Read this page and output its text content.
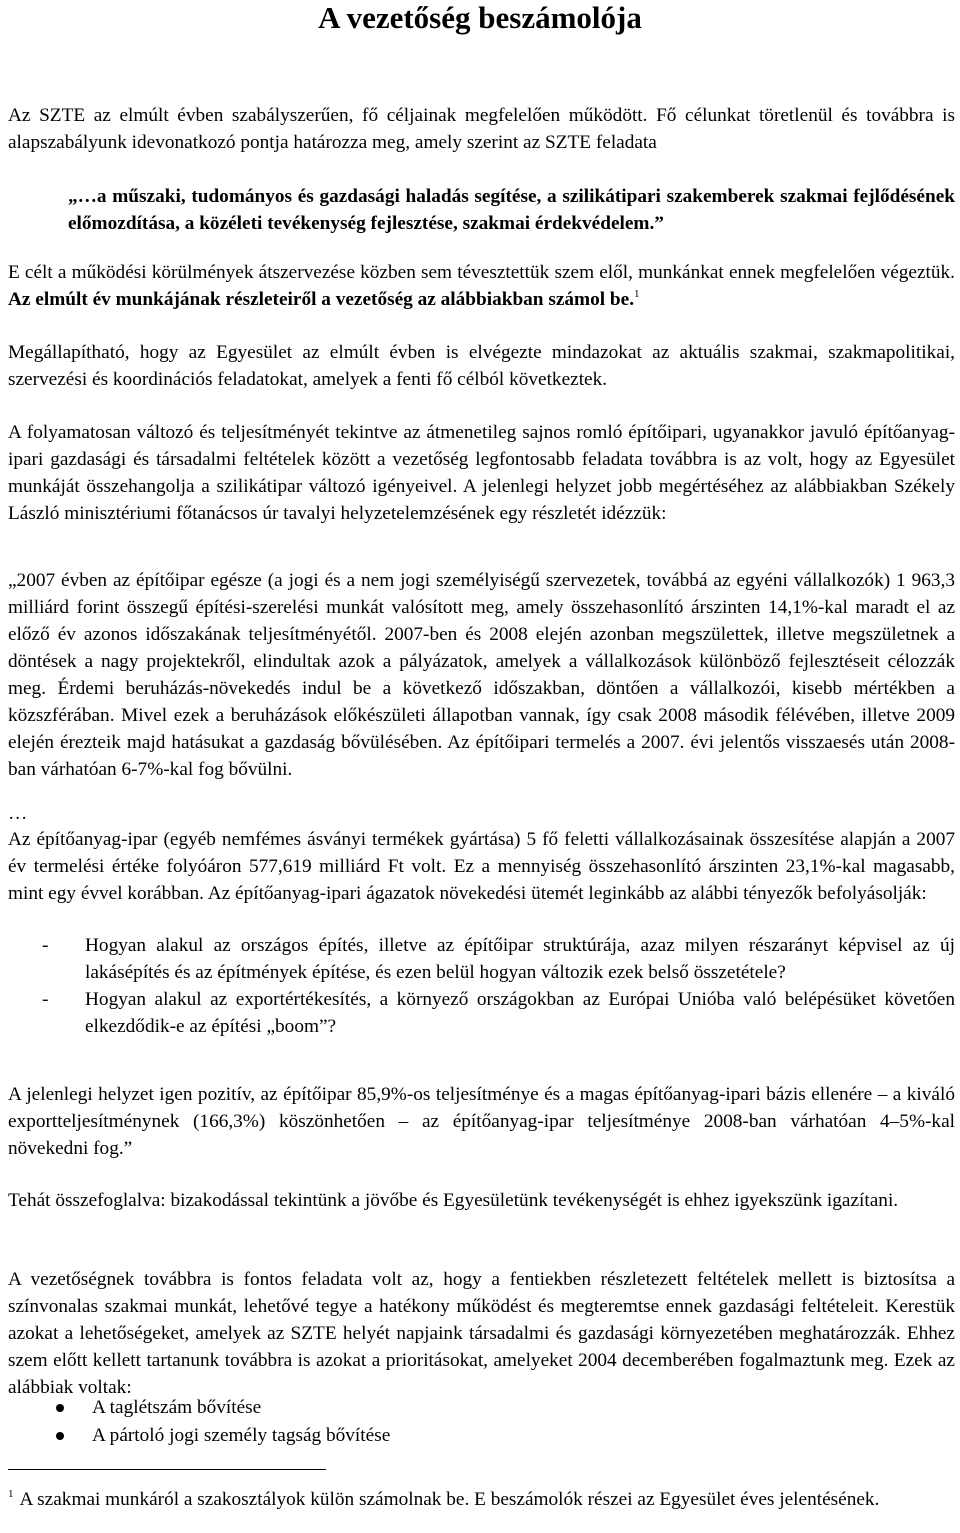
A vezetőség beszámolója

Az SZTE az elmúlt évben szabályszerűen, fő céljainak megfelelően működött. Fő célunkat töretlenül és továbbra is alapszabályunk idevonatkozó pontja határozza meg, amely szerint az SZTE feladata

„…a műszaki, tudományos és gazdasági haladás segítése, a szilikátipari szakemberek szakmai fejlődésének előmozdítása, a közéleti tevékenység fejlesztése, szakmai érdekvédelem.”

E célt a működési körülmények átszervezése közben sem tévesztettük szem elől, munkánkat ennek megfelelően végeztük. Az elmúlt év munkájának részleteiről a vezetőség az alábbiakban számol be.$^1$

Megállapítható, hogy az Egyesület az elmúlt évben is elvégezte mindazokat az aktuális szakmai, szakmapolitikai, szervezési és koordinációs feladatokat, amelyek a fenti fő célból következtek.

A folyamatosan változó és teljesítményét tekintve az átmenetileg sajnos romló építőipari, ugyanakkor javuló építőanyag-ipari gazdasági és társadalmi feltételek között a vezetőség legfontosabb feladata továbbra is az volt, hogy az Egyesület munkáját összehangolja a szilikátipar változó igényeivel. A jelenlegi helyzet jobb megértéséhez az alábbiakban Székely László minisztériumi főtanácsos úr tavalyi helyzetelemzésének egy részletét idézzük:

„2007 évben az építőipar egésze (a jogi és a nem jogi személyiségű szervezetek, továbbá az egyéni vállalkozók) 1 963,3 milliárd forint összegű építési-szerelési munkát valósított meg, amely összehasonlító árszinten 14,1%-kal maradt el az előző év azonos időszakának teljesítményétől. 2007-ben és 2008 elején azonban megszülettek, illetve megszületnek a döntések a nagy projektekről, elindultak azok a pályázatok, amelyek a vállalkozások különböző fejlesztéseit célozzák meg. Érdemi beruházás-növekedés indul be a következő időszakban, döntően a vállalkozói, kisebb mértékben a közszférában. Mivel ezek a beruházások előkészületi állapotban vannak, így csak 2008 második félévében, illetve 2009 elején érezteik majd hatásukat a gazdaság bővülésében. Az építőipari termelés a 2007. évi jelentős visszaesés után 2008-ban várhatóan 6-7%-kal fog bővülni.

…

Az építőanyag-ipar (egyéb nemfémes ásványi termékek gyártása) 5 fő feletti vállalkozásainak összesítése alapján a 2007 év termelési értéke folyóáron 577,619 milliárd Ft volt. Ez a mennyiség összehasonlító árszinten 23,1%-kal magasabb, mint egy évvel korábban. Az építőanyag-ipari ágazatok növekedési ütemét leginkább az alábbi tényezők befolyásolják:

- Hogyan alakul az országos építés, illetve az építőipar struktúrája, azaz milyen részarányt képvisel az új lakásépítés és az építmények építése, és ezen belül hogyan változik ezek belső összetétele?
- Hogyan alakul az exportértékesítés, a környező országokban az Európai Unióba való belépésüket követően elkezdődik-e az építési „boom”?

A jelenlegi helyzet igen pozitív, az építőipar 85,9%-os teljesítménye és a magas építőanyag-ipari bázis ellenére – a kiváló exportteljesítménynek (166,3%) köszönhetően – az építőanyag-ipar teljesítménye 2008-ban várhatóan 4–5%-kal növekedni fog.”

Tehát összefoglalva: bizakodással tekintünk a jövőbe és Egyesületünk tevékenységét is ehhez igyekszünk igazítani.

A vezetőségnek továbbra is fontos feladata volt az, hogy a fentiekben részletezett feltételek mellett is biztosítsa a színvonalas szakmai munkát, lehetővé tegye a hatékony működést és megteremtse ennek gazdasági feltételeit. Kerestük azokat a lehetőségeket, amelyek az SZTE helyét napjaink társadalmi és gazdasági környezetében meghatározzák. Ehhez szem előtt kellett tartanunk továbbra is azokat a prioritásokat, amelyeket 2004 decemberében fogalmaztunk meg. Ezek az alábbiak voltak:

A taglétszám bővítése
A pártoló jogi személy tagság bővítése

$^1$ A szakmai munkáról a szakosztályok külön számolnak be. E beszámolók részei az Egyesület éves jelentésének.
